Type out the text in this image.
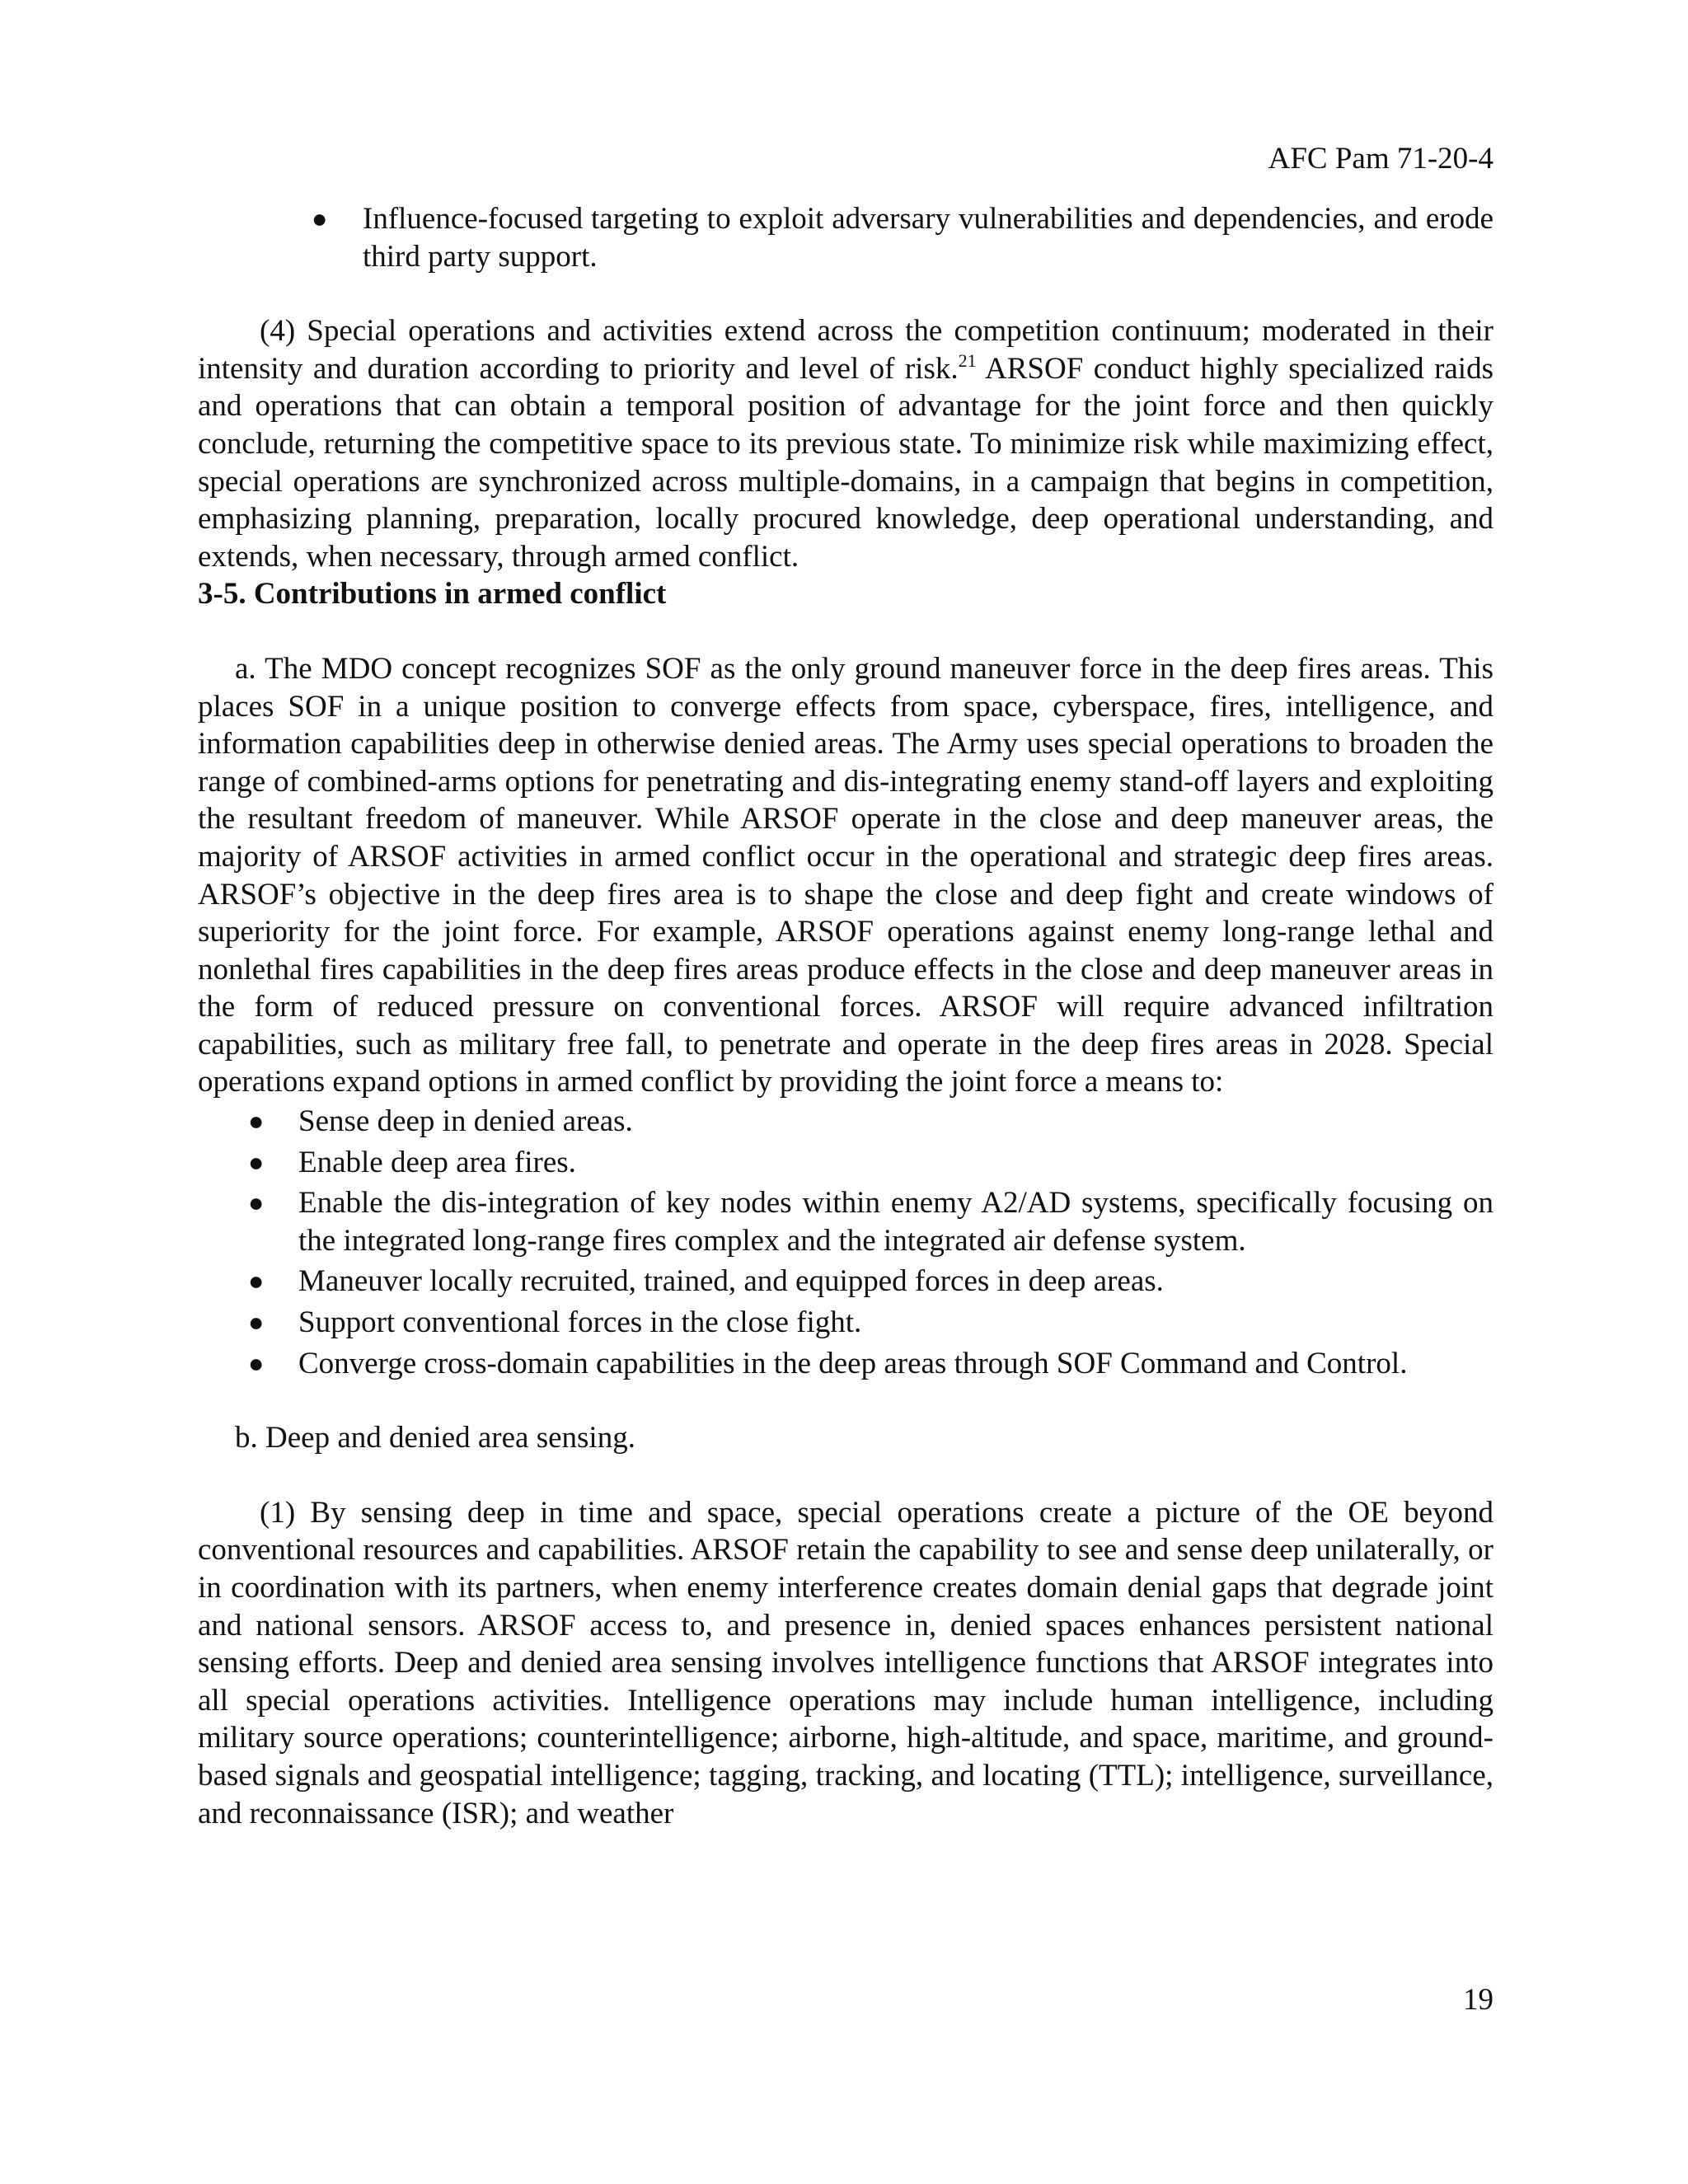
AFC Pam 71-20-4
● Influence-focused targeting to exploit adversary vulnerabilities and dependencies, and erode third party support.

(4) Special operations and activities extend across the competition continuum; moderated in their intensity and duration according to priority and level of risk.$^{21}$ ARSOF conduct highly specialized raids and operations that can obtain a temporal position of advantage for the joint force and then quickly conclude, returning the competitive space to its previous state. To minimize risk while maximizing effect, special operations are synchronized across multiple-domains, in a campaign that begins in competition, emphasizing planning, preparation, locally procured knowledge, deep operational understanding, and extends, when necessary, through armed conflict.

3-5. Contributions in armed conflict

a. The MDO concept recognizes SOF as the only ground maneuver force in the deep fires areas. This places SOF in a unique position to converge effects from space, cyberspace, fires, intelligence, and information capabilities deep in otherwise denied areas. The Army uses special operations to broaden the range of combined-arms options for penetrating and dis-integrating enemy stand-off layers and exploiting the resultant freedom of maneuver. While ARSOF operate in the close and deep maneuver areas, the majority of ARSOF activities in armed conflict occur in the operational and strategic deep fires areas. ARSOF’s objective in the deep fires area is to shape the close and deep fight and create windows of superiority for the joint force. For example, ARSOF operations against enemy long-range lethal and nonlethal fires capabilities in the deep fires areas produce effects in the close and deep maneuver areas in the form of reduced pressure on conventional forces. ARSOF will require advanced infiltration capabilities, such as military free fall, to penetrate and operate in the deep fires areas in 2028. Special operations expand options in armed conflict by providing the joint force a means to:

● Sense deep in denied areas.
● Enable deep area fires.
● Enable the dis-integration of key nodes within enemy A2/AD systems, specifically focusing on the integrated long-range fires complex and the integrated air defense system.
● Maneuver locally recruited, trained, and equipped forces in deep areas.
● Support conventional forces in the close fight.
● Converge cross-domain capabilities in the deep areas through SOF Command and Control.

b. Deep and denied area sensing.

(1) By sensing deep in time and space, special operations create a picture of the OE beyond conventional resources and capabilities. ARSOF retain the capability to see and sense deep unilaterally, or in coordination with its partners, when enemy interference creates domain denial gaps that degrade joint and national sensors. ARSOF access to, and presence in, denied spaces enhances persistent national sensing efforts. Deep and denied area sensing involves intelligence functions that ARSOF integrates into all special operations activities. Intelligence operations may include human intelligence, including military source operations; counterintelligence; airborne, high-altitude, and space, maritime, and ground-based signals and geospatial intelligence; tagging, tracking, and locating (TTL); intelligence, surveillance, and reconnaissance (ISR); and weather

19
